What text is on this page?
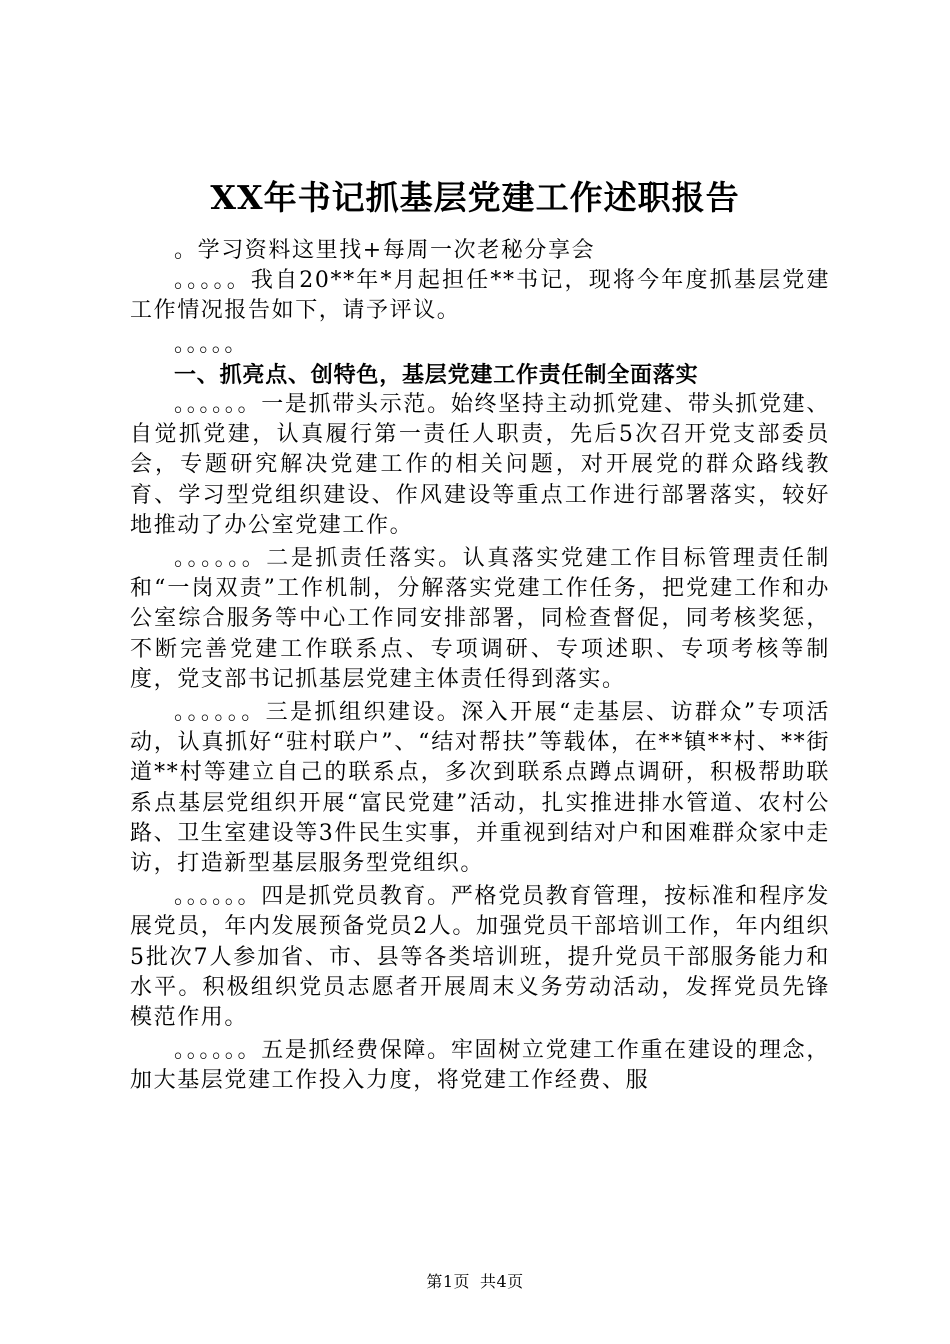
XX年书记抓基层党建工作述职报告

。学习资料这里找+每周一次老秘分享会

。。。。。我自20**年*月起担任**书记，现将今年度抓基层党建工作情况报告如下，请予评议。

。。。。。

一、抓亮点、创特色，基层党建工作责任制全面落实

。。。。。。一是抓带头示范。始终坚持主动抓党建、带头抓党建、自觉抓党建，认真履行第一责任人职责，先后5次召开党支部委员会，专题研究解决党建工作的相关问题，对开展党的群众路线教育、学习型党组织建设、作风建设等重点工作进行部署落实，较好地推动了办公室党建工作。

。。。。。。二是抓责任落实。认真落实党建工作目标管理责任制和“一岗双责”工作机制，分解落实党建工作任务，把党建工作和办公室综合服务等中心工作同安排部署，同检查督促，同考核奖惩，不断完善党建工作联系点、专项调研、专项述职、专项考核等制度，党支部书记抓基层党建主体责任得到落实。

。。。。。。三是抓组织建设。深入开展“走基层、访群众”专项活动，认真抓好“驻村联户”、“结对帮扶”等载体，在**镇**村、**街道**村等建立自己的联系点，多次到联系点蹲点调研，积极帮助联系点基层党组织开展“富民党建”活动，扎实推进排水管道、农村公路、卫生室建设等3件民生实事，并重视到结对户和困难群众家中走访，打造新型基层服务型党组织。

。。。。。。四是抓党员教育。严格党员教育管理，按标准和程序发展党员，年内发展预备党员2人。加强党员干部培训工作，年内组织5批次7人参加省、市、县等各类培训班，提升党员干部服务能力和水平。积极组织党员志愿者开展周末义务劳动活动，发挥党员先锋模范作用。

。。。。。。五是抓经费保障。牢固树立党建工作重在建设的理念，加大基层党建工作投入力度，将党建工作经费、服

第1页 共4页
